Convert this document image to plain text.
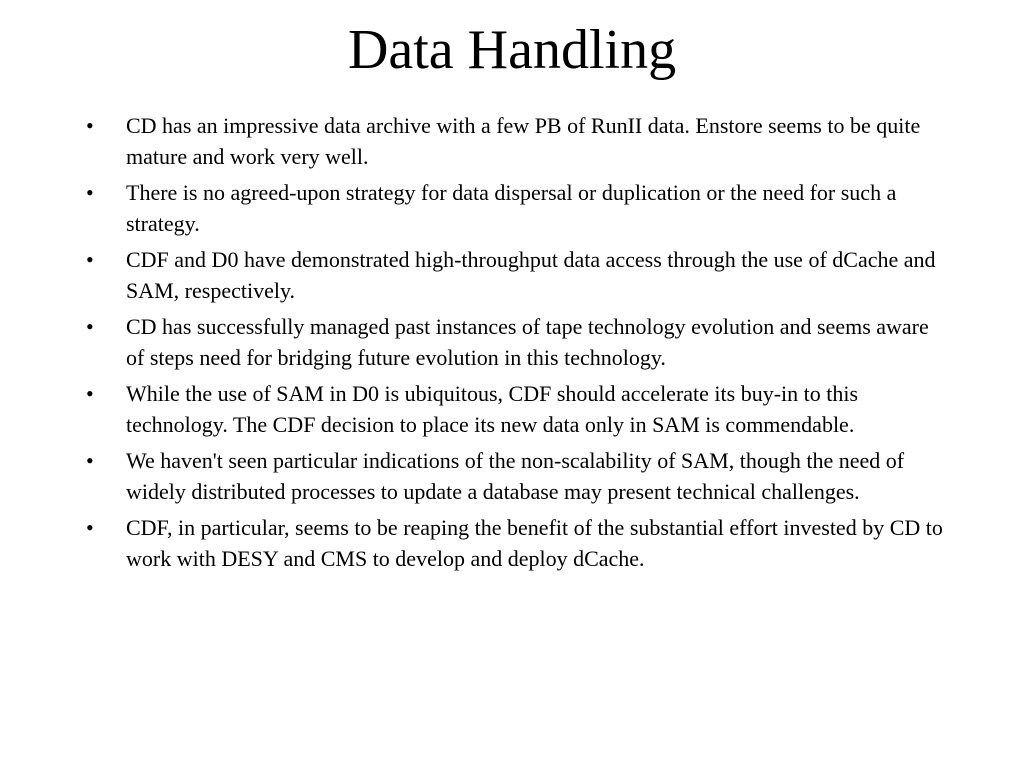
Data Handling
•	CD has an impressive data archive with a few PB of RunII data. Enstore seems to be quite mature and work very well.
•	There is no agreed-upon strategy for data dispersal or duplication or the need for such a strategy.
•	CDF and D0 have demonstrated high-throughput data access through the use of dCache and SAM, respectively.
•	CD has successfully managed past instances of tape technology evolution and seems aware of steps need for bridging future evolution in this technology.
•	While the use of SAM in D0 is ubiquitous, CDF should accelerate its buy-in to this technology. The CDF decision to place its new data only in SAM is commendable.
•	We haven't seen particular indications of the non-scalability of SAM, though the need of widely distributed processes to update a database may present technical challenges.
•	CDF, in particular, seems to be reaping the benefit of the substantial effort invested by CD to work with DESY and CMS to develop and deploy dCache.
